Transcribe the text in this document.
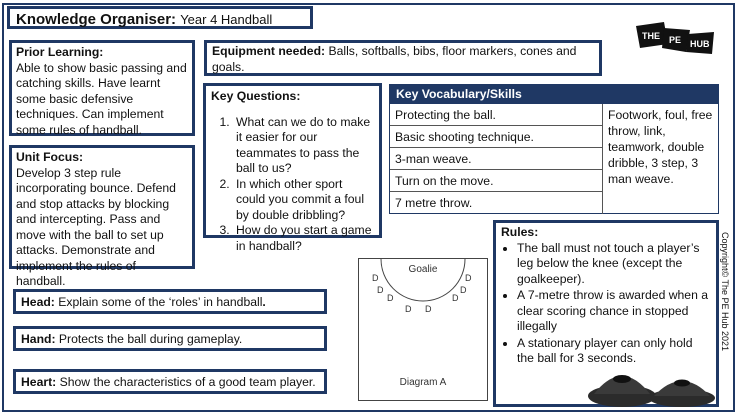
Knowledge Organiser: Year 4 Handball
THE PE HUB
Prior Learning:
Able to show basic passing and catching skills. Have learnt some basic defensive techniques. Can implement some rules of handball.
Unit Focus:
Develop 3 step rule incorporating bounce. Defend and stop attacks by blocking and intercepting. Pass and move with the ball to set up attacks. Demonstrate and implement the rules of handball.
Equipment needed: Balls, softballs, bibs, floor markers, cones and goals.
Key Questions:
1. What can we do to make it easier for our teammates to pass the ball to us?
2. In which other sport could you commit a foul by double dribbling?
3. How do you start a game in handball?
Key Vocabulary/Skills
Protecting the ball.
Basic shooting technique.
3-man weave.
Turn on the move.
7 metre throw.
Footwork, foul, free throw, link, teamwork, double dribble, 3 step, 3 man weave.
Head: Explain some of the ‘roles’ in handball.
Hand: Protects the ball during gameplay.
Heart: Show the characteristics of a good team player.
Goalie
D	D
D	D
D	D
D D
Diagram A
Rules:
• The ball must not touch a player’s leg below the knee (except the goalkeeper).
• A 7-metre throw is awarded when a clear scoring chance in stopped illegally
• A stationary player can only hold the ball for 3 seconds.
Copyright© The PE Hub 2021
